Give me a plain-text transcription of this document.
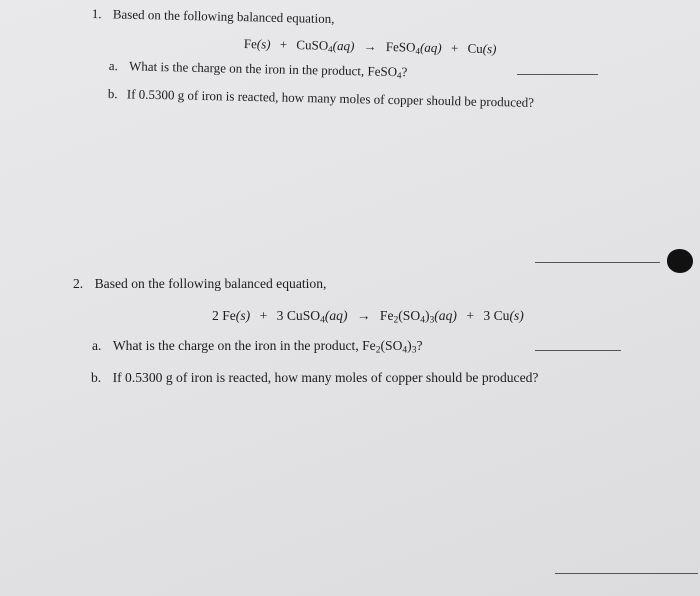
1. Based on the following balanced equation,
Fe(s) + CuSO$_4$(aq) → FeSO$_4$(aq) + Cu(s)
a. What is the charge on the iron in the product, FeSO$_4$?
b. If 0.5300 g of iron is reacted, how many moles of copper should be produced?
2. Based on the following balanced equation,
2 Fe(s) + 3 CuSO$_4$(aq) → $Fe_2(SO_4)_3(aq) + 3$ Cu(s)
a. What is the charge on the iron in the product, $Fe_2(SO_4)_3$?
b. If 0.5300 g of iron is reacted, how many moles of copper should be produced?
